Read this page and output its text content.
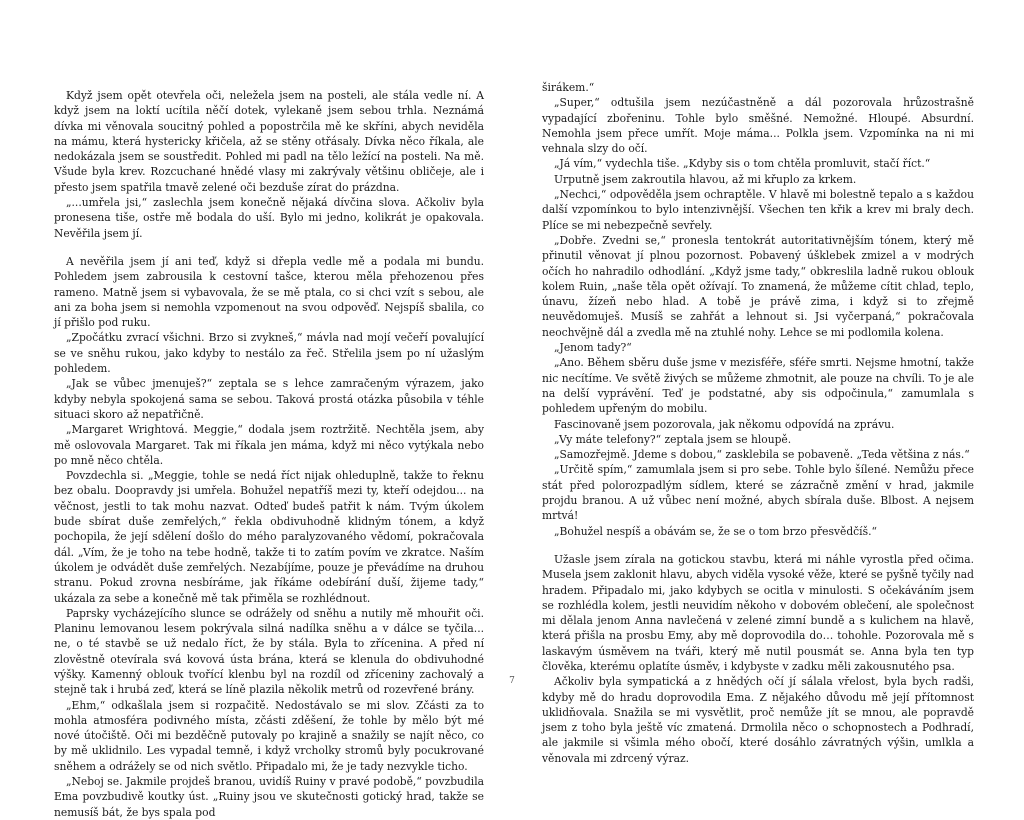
Když jsem opět otevřela oči, neležela jsem na posteli, ale stála vedle ní. A když jsem na loktí ucítila něčí dotek, vylekaně jsem sebou trhla. Neznámá dívka mi věnovala soucitný pohled a popostrčila mě ke skříni, abych neviděla na mámu, která hystericky křičela, až se stěny otřásaly. Dívka něco říkala, ale nedokázala jsem se soustředit. Pohled mi padl na tělo ležící na posteli. Na mě. Všude byla krev. Rozcuchané hnědé vlasy mi zakrývaly většinu obličeje, ale i přesto jsem spatřila tmavě zelené oči bezduše zírat do prázdna.

„...umřela jsi,“ zaslechla jsem konečně nějaká dívčina slova. Ačkoliv byla pronesena tiše, ostře mě bodala do uší. Bylo mi jedno, kolikrát je opakovala. Nevěřila jsem jí.

A nevěřila jsem jí ani teď, když si dřepla vedle mě a podala mi bundu. Pohledem jsem zabrousila k cestovní tašce, kterou měla přehozenou přes rameno. Matně jsem si vybavovala, že se mě ptala, co si chci vzít s sebou, ale ani za boha jsem si nemohla vzpomenout na svou odpověď. Nejspíš sbalila, co jí přišlo pod ruku.

„Zpočátku zvrací všichni. Brzo si zvykneš,“ mávla nad mojí večeří povalující se ve sněhu rukou, jako kdyby to nestálo za řeč. Střelila jsem po ní užaslým pohledem.

„Jak se vůbec jmenuješ?“ zeptala se s lehce zamračeným výrazem, jako kdyby nebyla spokojená sama se sebou. Taková prostá otázka působila v téhle situaci skoro až nepatřičně.

„Margaret Wrightová. Meggie,“ dodala jsem roztržitě. Nechtěla jsem, aby mě oslovovala Margaret. Tak mi říkala jen máma, když mi něco vytýkala nebo po mně něco chtěla.

Povzdechla si. „Meggie, tohle se nedá říct nijak ohleduplně, takže to řeknu bez obalu. Doopravdy jsi umřela. Bohužel nepatříš mezi ty, kteří odejdou... na věčnost, jestli to tak mohu nazvat. Odteď budeš patřit k nám. Tvým úkolem bude sbírat duše zemřelých,“ řekla obdivuhodně klidným tónem, a když pochopila, že její sdělení došlo do mého paralyzovaného vědomí, pokračovala dál. „Vím, že je toho na tebe hodně, takže ti to zatím povím ve zkratce. Naším úkolem je odvádět duše zemřelých. Nezabíjíme, pouze je převádíme na druhou stranu. Pokud zrovna nesbíráme, jak říkáme odebírání duší, žijeme tady,“ ukázala za sebe a konečně mě tak přiměla se rozhlédnout.

Paprsky vycházejícího slunce se odrážely od sněhu a nutily mě mhouřit oči. Planinu lemovanou lesem pokrývala silná nadílka sněhu a v dálce se tyčila... ne, o té stavbě se už nedalo říct, že by stála. Byla to zřícenina. A před ní zlověstně otevírala svá kovová ústa brána, která se klenula do obdivuhodné výšky. Kamenný oblouk tvořící klenbu byl na rozdíl od zříceniny zachovalý a stejně tak i hrubá zeď, která se líně plazila několik metrů od rozevřené brány.

„Ehm,“ odkašlala jsem si rozpačitě. Nedostávalo se mi slov. Zčásti za to mohla atmosféra podivného místa, zčásti zděšení, že tohle by mělo být mé nové útočiště. Oči mi bezděčně putovaly po krajině a snažily se najít něco, co by mě uklidnilo. Les vypadal temně, i když vrcholky stromů byly pocukrované sněhem a odrážely se od nich světlo. Připadalo mi, že je tady nezvykle ticho.

„Neboj se. Jakmile projdeš branou, uvidíš Ruiny v pravé podobě,“ povzbudila Ema povzbudivě koutky úst. „Ruiny jsou ve skutečnosti gotický hrad, takže se nemusíš bát, že bys spala pod

širákem.“

„Super,“ odtušila jsem nezúčastněně a dál pozorovala hrůzostrašně vypadající zbořeninu. Tohle bylo směšné. Nemožné. Hloupé. Absurdní. Nemohla jsem přece umřít. Moje máma... Polkla jsem. Vzpomínka na ni mi vehnala slzy do očí.

„Já vím,“ vydechla tiše. „Kdyby sis o tom chtěla promluvit, stačí říct.“

Urputně jsem zakroutila hlavou, až mi křuplo za krkem.

„Nechci,“ odpověděla jsem ochraptěle. V hlavě mi bolestně tepalo a s každou další vzpomínkou to bylo intenzivnější. Všechen ten křik a krev mi braly dech. Plíce se mi nebezpečně sevřely.

„Dobře. Zvedni se,“ pronesla tentokrát autoritativnějším tónem, který mě přinutil věnovat jí plnou pozornost. Pobavený úšklebek zmizel a v modrých očích ho nahradilo odhodlání. „Když jsme tady,“ obkreslila ladně rukou oblouk kolem Ruin, „naše těla opět ožívají. To znamená, že můžeme cítit chlad, teplo, únavu, žízeň nebo hlad. A tobě je právě zima, i když si to zřejmě neuvědomuješ. Musíš se zahřát a lehnout si. Jsi vyčerpaná,“ pokračovala neochvějně dál a zvedla mě na ztuhlé nohy. Lehce se mi podlomila kolena.

„Jenom tady?“

„Ano. Během sběru duše jsme v mezisféře, sféře smrti. Nejsme hmotní, takže nic necítíme. Ve světě živých se můžeme zhmotnit, ale pouze na chvíli. To je ale na delší vyprávění. Teď je podstatné, aby sis odpočinula,“ zamumlala s pohledem upřeným do mobilu.

Fascinovaně jsem pozorovala, jak někomu odpovídá na zprávu.

„Vy máte telefony?“ zeptala jsem se hloupě.

„Samozřejmě. Jdeme s dobou,“ zasklebila se pobaveně. „Teda většina z nás.“

„Určitě spím,“ zamumlala jsem si pro sebe. Tohle bylo šílené. Nemůžu přece stát před polorozpadlým sídlem, které se zázračně změní v hrad, jakmile projdu branou. A už vůbec není možné, abych sbírala duše. Blbost. A nejsem mrtvá!

„Bohužel nespíš a obávám se, že se o tom brzo přesvědčíš.“

Užasle jsem zírala na gotickou stavbu, která mi náhle vyrostla před očima. Musela jsem zaklonit hlavu, abych viděla vysoké věže, které se pyšně tyčily nad hradem. Připadalo mi, jako kdybych se ocitla v minulosti. S očekáváním jsem se rozhlédla kolem, jestli neuvidím někoho v dobovém oblečení, ale společnost mi dělala jenom Anna navlečená v zelené zimní bundě a s kulichem na hlavě, která přišla na prosbu Emy, aby mě doprovodila do… tohohle. Pozorovala mě s laskavým úsměvem na tváři, který mě nutil pousmát se. Anna byla ten typ člověka, kterému oplatíte úsměv, i kdybyste v zadku měli zakousnutého psa.

Ačkoliv byla sympatická a z hnědých očí jí sálala vřelost, byla bych radši, kdyby mě do hradu doprovodila Ema. Z nějakého důvodu mě její přítomnost uklidňovala. Snažila se mi vysvětlit, proč nemůže jít se mnou, ale popravdě jsem z toho byla ještě víc zmatená. Drmolila něco o schopnostech a Podhradí, ale jakmile si všimla mého obočí, které dosáhlo závratných výšin, umlkla a věnovala mi zdrcený výraz.

7
